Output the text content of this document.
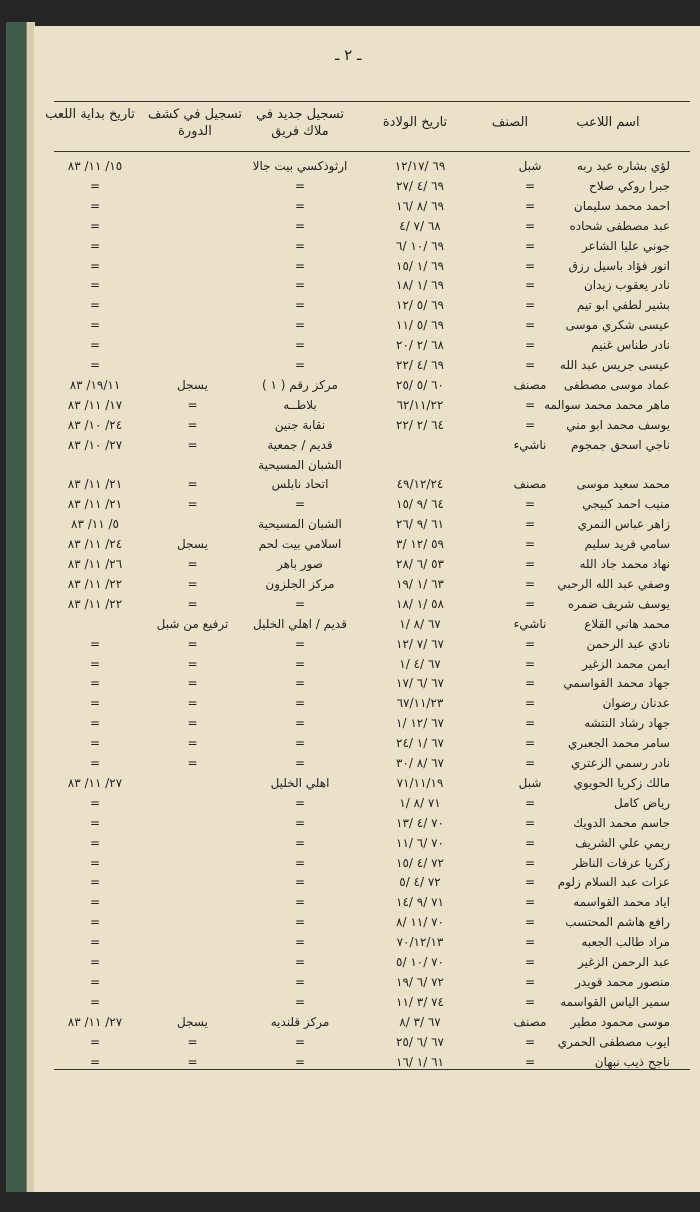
ـ ٢ ـ
اسم اللاعب
الصنف
تاريخ الولادة
تسجيل جديد في ملاك فريق
تسجيل في كشف الدورة
تاريخ بداية اللعب
لؤي بشاره عبد ربه
شبل
٦٩ /١٢/١٧
ارثوذكسي بيت جالا
١٥/ ١١/ ٨٣
جبرا روكي صلاح
=
٦٩ /٤ /٢٧
=
=
احمد محمد سليمان
=
٦٩ /٨ /١٦
=
=
عبد مصطفى شحاده
=
٦٨ /٧ /٤
=
=
جوني عليا الشاعر
=
٦٩ /١٠ /٦
=
=
انور فؤاد باسيل رزق
=
٦٩ /١ /١٥
=
=
نادر يعقوب زيدان
=
٦٩ /١ /١٨
=
=
بشير لطفي ابو تيم
=
٦٩ /٥ /١٢
=
=
عيسى شكري موسى
=
٦٩ /٥ /١١
=
=
نادر طناس غنيم
=
٦٨ /٢ /٢٠
=
=
عيسى جريس عبد الله
=
٦٩ /٤ /٢٢
=
=
عماد موسى مصطفى
مصنف
٦٠ /٥ /٢٥
مركز رقم ( ١ )
يسجل
١٩/١١/ ٨٣
ماهر محمد محمد سوالمه
=
٦٢/١١/٢٢
بلاطــه
=
١٧/ ١١/ ٨٣
يوسف محمد ابو مني
=
٦٤ /٢ /٢٢
نقابة جنين
=
٢٤/ ١٠/ ٨٣
ناجي اسحق جمجوم
ناشيء
قديم / جمعية
=
٢٧/ ١٠/ ٨٣
الشبان المسيحية
محمد سعيد موسى
مصنف
٤٩/١٢/٢٤
اتحاد نابلس
=
٢١/ ١١/ ٨٣
منيب احمد كبيجي
=
٦٤ /٩ /١٥
=
=
٢١/ ١١/ ٨٣
زاهر عباس النمري
=
٦١ /٩ /٢٦
الشبان المسيحية
٥/ ١١/ ٨٣
سامي فريد سليم
=
٥٩ /١٢ /٣
اسلامي بيت لحم
يسجل
٢٤/ ١١/ ٨٣
نهاد محمد جاد الله
=
٥٣ /٦ /٢٨
صور باهر
=
٢٦/ ١١/ ٨٣
وصفي عبد الله الرحبي
=
٦٣ /١ /١٩
مركز الجلزون
=
٢٢/ ١١/ ٨٣
يوسف شريف ضمره
=
٥٨ /١ /١٨
=
=
٢٢/ ١١/ ٨٣
محمد هاني القلاع
ناشيء
٦٧ /٨ /١
قديم / اهلي الخليل
ترفيع من شبل
نادي عبد الرحمن
=
٦٧ /٧ /١٢
=
=
=
ايمن محمد الزغير
=
٦٧ /٤ /١
=
=
=
جهاد محمد القواسمي
=
٦٧ /٦ /١٧
=
=
=
عدنان رضوان
=
٦٧/١١/٢٣
=
=
=
جهاد رشاد النتشه
=
٦٧ /١٢ /١
=
=
=
سامر محمد الجعبري
=
٦٧ /١ /٢٤
=
=
=
نادر رسمي الزعتري
=
٦٧ /٨ /٣٠
=
=
=
مالك زكريا الحويوي
شبل
٧١/١١/١٩
اهلي الخليل
٢٧/ ١١/ ٨٣
رياض كامل
=
٧١ /٨ /١
=
=
جاسم محمد الدويك
=
٧٠ /٤ /١٣
=
=
ريمي علي الشريف
=
٧٠ /٦ /١١
=
=
زكريا عرفات الناظر
=
٧٢ /٤ /١٥
=
=
عزات عبد السلام زلوم
=
٧٢ /٤ /٥
=
=
اياد محمد القواسمه
=
٧١ /٩ /١٤
=
=
رافع هاشم المحتسب
=
٧٠ /١١ /٨
=
=
مراد طالب الجعبه
=
٧٠/١٢/١٣
=
=
عبد الرحمن الزغير
=
٧٠ /١٠ /٥
=
=
منصور محمد قويدر
=
٧٢ /٦ /١٩
=
=
سمير الياس القواسمه
=
٧٤ /٣ /١١
=
=
موسى محمود مطير
مصنف
٦٧ /٣ /٨
مركز قلنديه
يسجل
٢٧/ ١١/ ٨٣
ايوب مصطفى الحمري
=
٦٧ /٦ /٢٥
=
=
=
ناجح ذيب نبهان
=
٦١ /١ /١٦
=
=
=
